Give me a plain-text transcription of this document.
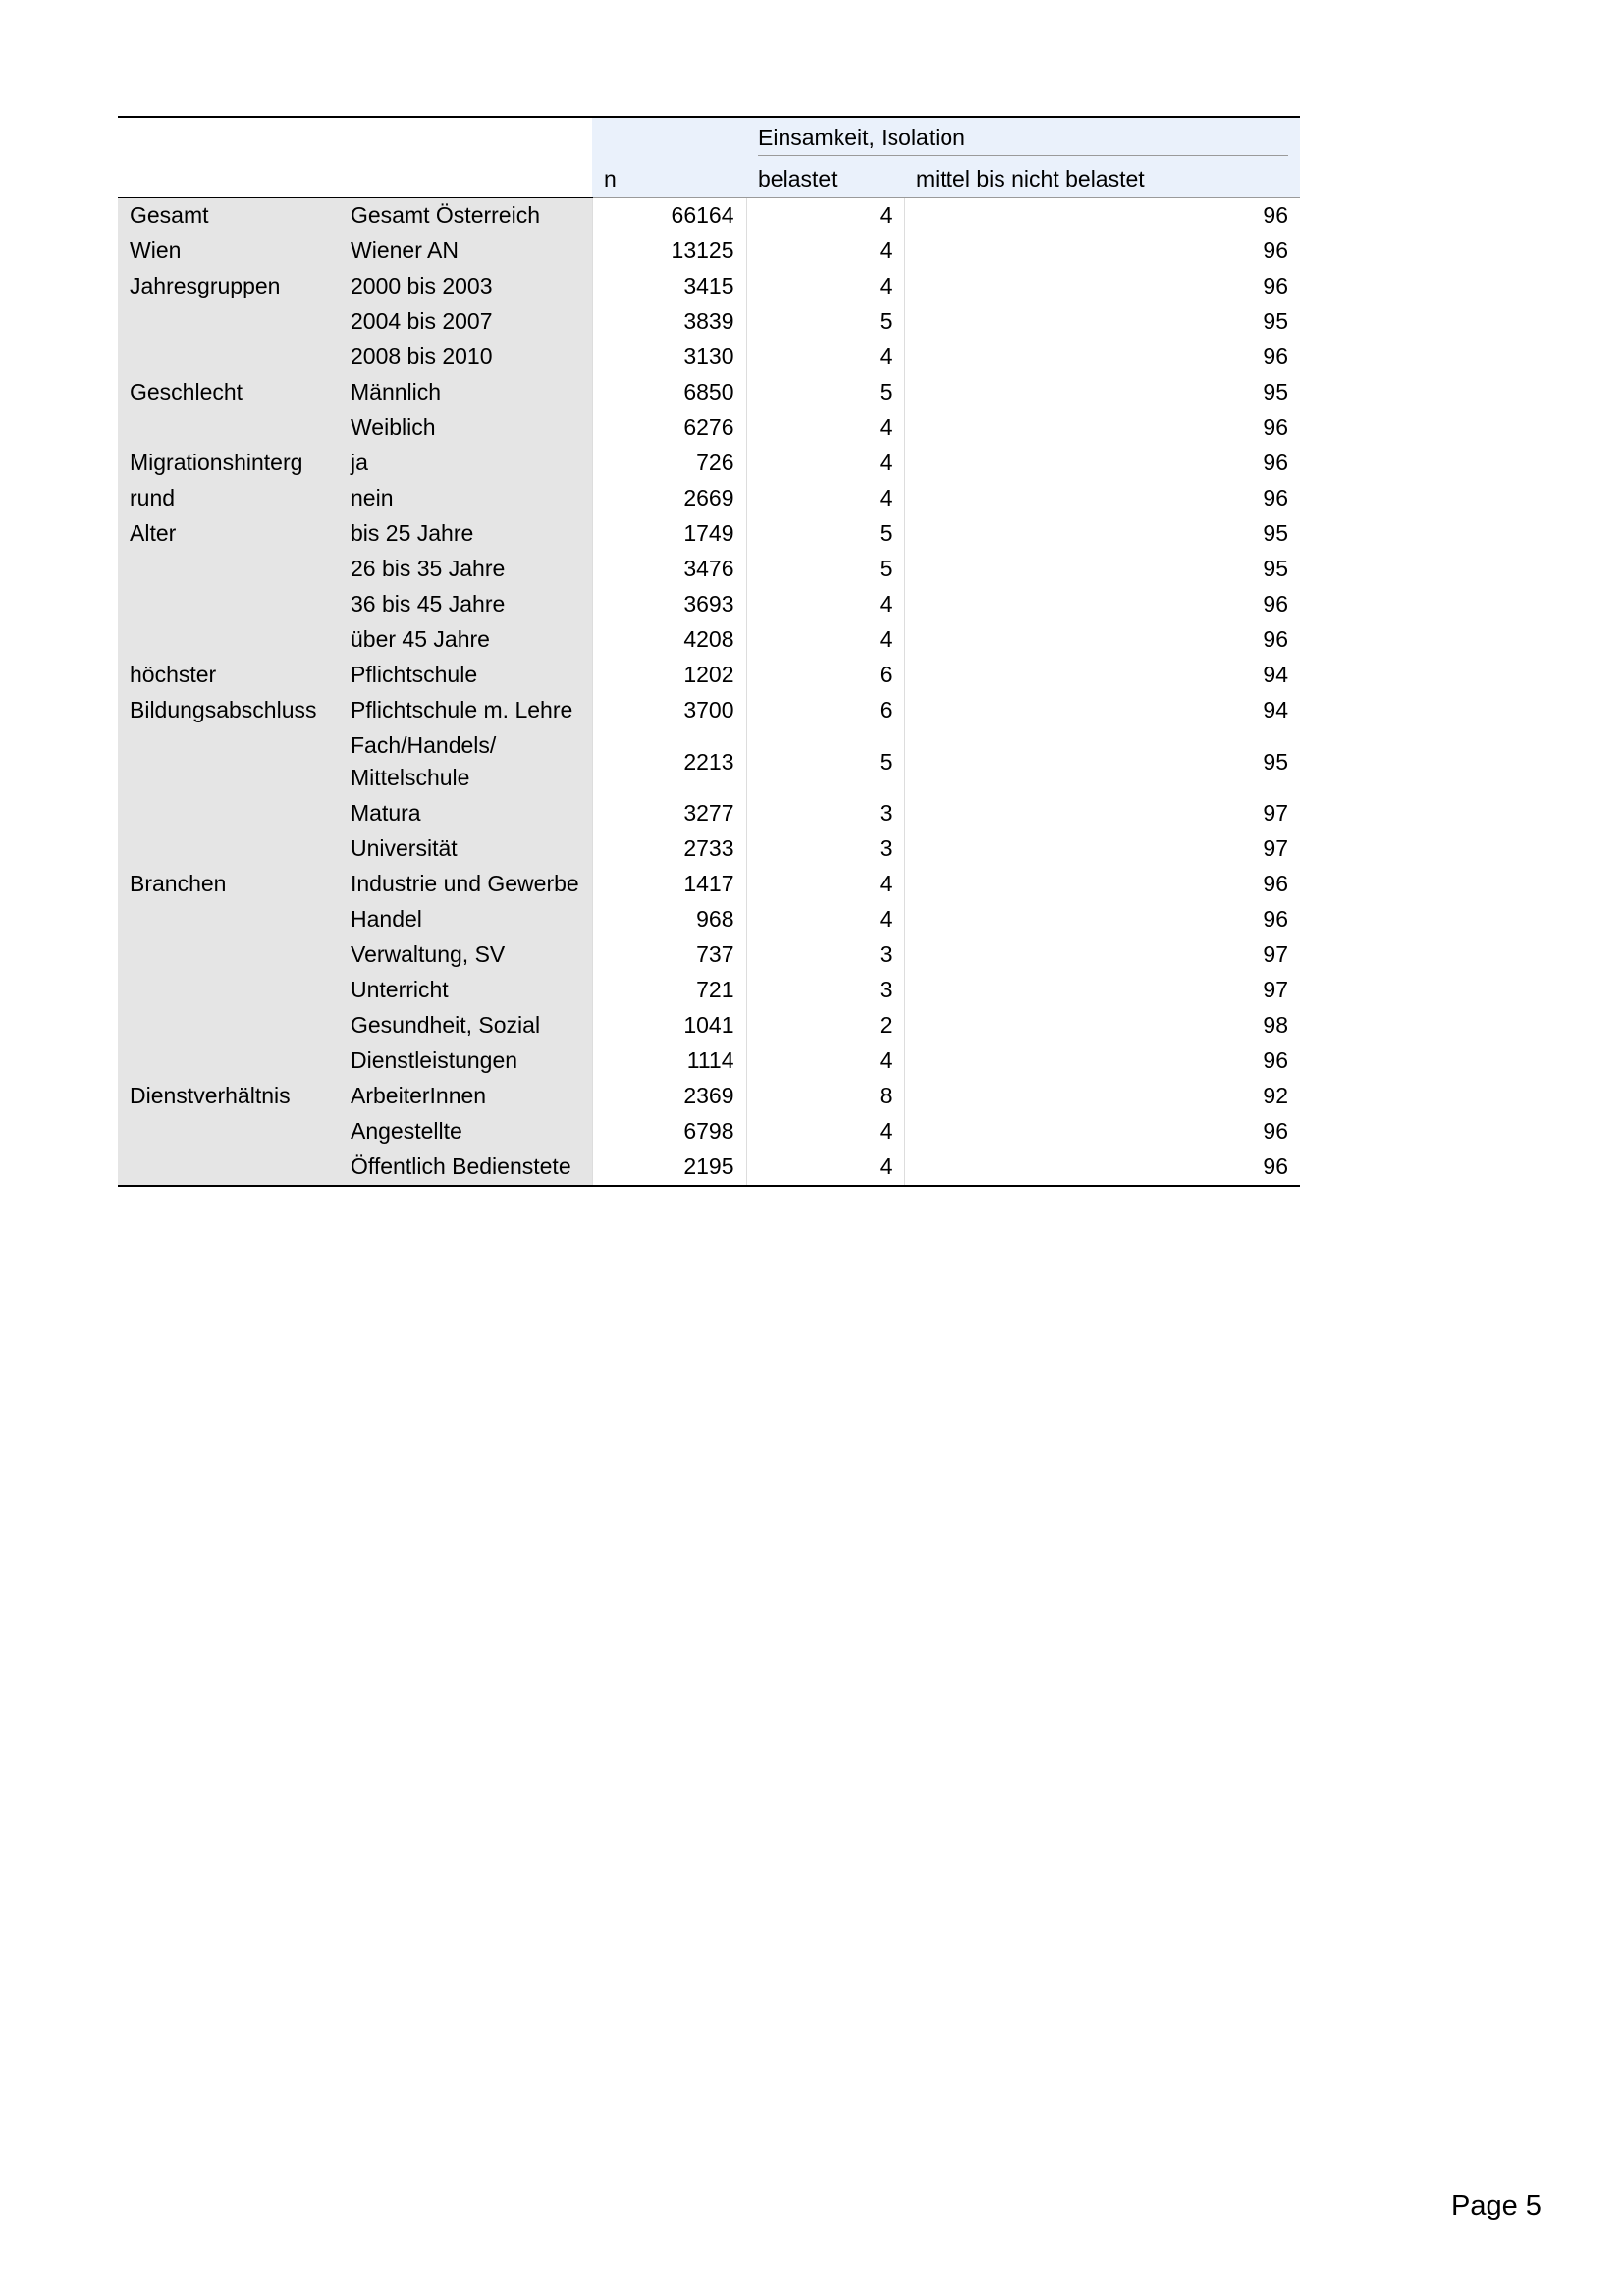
			Einsamkeit, Isolation	

		n	belastet	mittel bis nicht belastet
Gesamt	Gesamt Österreich	66164	4	96
Wien	Wiener AN	13125	4	96
Jahresgruppen	2000 bis 2003	3415	4	96
	2004 bis 2007	3839	5	95
	2008 bis 2010	3130	4	96
Geschlecht	Männlich	6850	5	95
	Weiblich	6276	4	96
Migrationshinterg	ja	726	4	96
rund	nein	2669	4	96
Alter	bis 25 Jahre	1749	5	95
	26 bis 35 Jahre	3476	5	95
	36 bis 45 Jahre	3693	4	96
	über 45 Jahre	4208	4	96
höchster	Pflichtschule	1202	6	94
Bildungsabschluss	Pflichtschule m. Lehre	3700	6	94
	Fach/Handels/ Mittelschule	2213	5	95
	Matura	3277	3	97
	Universität	2733	3	97
Branchen	Industrie und Gewerbe	1417	4	96
	Handel	968	4	96
	Verwaltung, SV	737	3	97
	Unterricht	721	3	97
	Gesundheit, Sozial	1041	2	98
	Dienstleistungen	1114	4	96
Dienstverhältnis	ArbeiterInnen	2369	8	92
	Angestellte	6798	4	96
	Öffentlich Bedienstete	2195	4	96
Page 5
